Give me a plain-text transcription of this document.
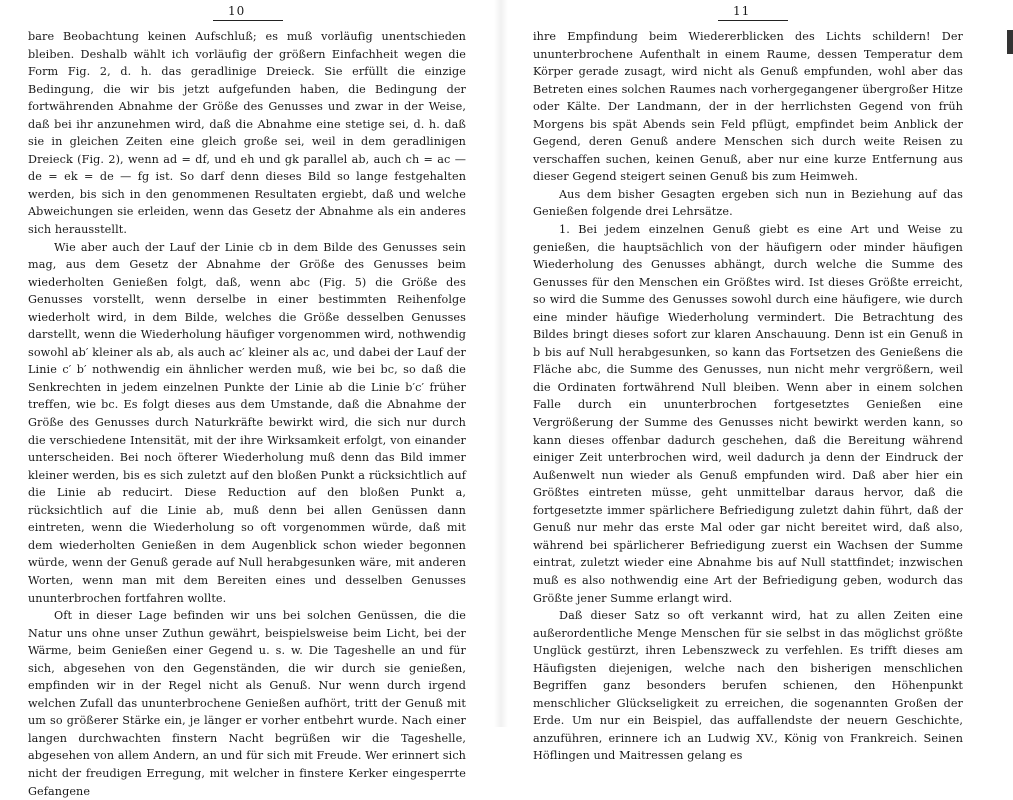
10

bare Beobachtung keinen Aufschluß; es muß vorläufig unentschieden bleiben. Deshalb wählt ich vorläufig der größern Einfachheit wegen die Form Fig. 2, d. h. das geradlinige Dreieck. Sie erfüllt die einzige Bedingung, die wir bis jetzt aufgefunden haben, die Bedingung der fortwährenden Abnahme der Größe des Genusses und zwar in der Weise, daß bei ihr anzunehmen wird, daß die Abnahme eine stetige sei, d. h. daß sie in gleichen Zeiten eine gleich große sei, weil in dem geradlinigen Dreieck (Fig. 2), wenn ad = df, und eh und gk parallel ab, auch ch = ac — de = ek = de — fg ist. So darf denn dieses Bild so lange festgehalten werden, bis sich in den genommenen Resultaten ergiebt, daß und welche Abweichungen sie erleiden, wenn das Gesetz der Abnahme als ein anderes sich herausstellt.

Wie aber auch der Lauf der Linie cb in dem Bilde des Genusses sein mag, aus dem Gesetz der Abnahme der Größe des Genusses beim wiederholten Genießen folgt, daß, wenn abc (Fig. 5) die Größe des Genusses vorstellt, wenn derselbe in einer bestimmten Reihenfolge wiederholt wird, in dem Bilde, welches die Größe desselben Genusses darstellt, wenn die Wiederholung häufiger vorgenommen wird, nothwendig sowohl ab′ kleiner als ab, als auch ac′ kleiner als ac, und dabei der Lauf der Linie c′ b′ nothwendig ein ähnlicher werden muß, wie bei bc, so daß die Senkrechten in jedem einzelnen Punkte der Linie ab die Linie b′c′ früher treffen, wie bc. Es folgt dieses aus dem Umstande, daß die Abnahme der Größe des Genusses durch Naturkräfte bewirkt wird, die sich nur durch die verschiedene Intensität, mit der ihre Wirksamkeit erfolgt, von einander unterscheiden. Bei noch öfterer Wiederholung muß denn das Bild immer kleiner werden, bis es sich zuletzt auf den bloßen Punkt a rücksichtlich auf die Linie ab reducirt. Diese Reduction auf den bloßen Punkt a, rücksichtlich auf die Linie ab, muß denn bei allen Genüssen dann eintreten, wenn die Wiederholung so oft vorgenommen würde, daß mit dem wiederholten Genießen in dem Augenblick schon wieder begonnen würde, wenn der Genuß gerade auf Null herabgesunken wäre, mit anderen Worten, wenn man mit dem Bereiten eines und desselben Genusses ununterbrochen fortfahren wollte.

Oft in dieser Lage befinden wir uns bei solchen Genüssen, die die Natur uns ohne unser Zuthun gewährt, beispielsweise beim Licht, bei der Wärme, beim Genießen einer Gegend u. s. w. Die Tageshelle an und für sich, abgesehen von den Gegenständen, die wir durch sie genießen, empfinden wir in der Regel nicht als Genuß. Nur wenn durch irgend welchen Zufall das ununterbrochene Genießen aufhört, tritt der Genuß mit um so größerer Stärke ein, je länger er vorher entbehrt wurde. Nach einer langen durchwachten finstern Nacht begrüßen wir die Tageshelle, abgesehen von allem Andern, an und für sich mit Freude. Wer erinnert sich nicht der freudigen Erregung, mit welcher in finstere Kerker eingesperrte Gefangene

11

ihre Empfindung beim Wiedererblicken des Lichts schildern! Der ununterbrochene Aufenthalt in einem Raume, dessen Temperatur dem Körper gerade zusagt, wird nicht als Genuß empfunden, wohl aber das Betreten eines solchen Raumes nach vorhergegangener übergroßer Hitze oder Kälte. Der Landmann, der in der herrlichsten Gegend von früh Morgens bis spät Abends sein Feld pflügt, empfindet beim Anblick der Gegend, deren Genuß andere Menschen sich durch weite Reisen zu verschaffen suchen, keinen Genuß, aber nur eine kurze Entfernung aus dieser Gegend steigert seinen Genuß bis zum Heimweh.

Aus dem bisher Gesagten ergeben sich nun in Beziehung auf das Genießen folgende drei Lehrsätze.

1. Bei jedem einzelnen Genuß giebt es eine Art und Weise zu genießen, die hauptsächlich von der häufigern oder minder häufigen Wiederholung des Genusses abhängt, durch welche die Summe des Genusses für den Menschen ein Größtes wird. Ist dieses Größte erreicht, so wird die Summe des Genusses sowohl durch eine häufigere, wie durch eine minder häufige Wiederholung vermindert. Die Betrachtung des Bildes bringt dieses sofort zur klaren Anschauung. Denn ist ein Genuß in b bis auf Null herabgesunken, so kann das Fortsetzen des Genießens die Fläche abc, die Summe des Genusses, nun nicht mehr vergrößern, weil die Ordinaten fortwährend Null bleiben. Wenn aber in einem solchen Falle durch ein ununterbrochen fortgesetztes Genießen eine Vergrößerung der Summe des Genusses nicht bewirkt werden kann, so kann dieses offenbar dadurch geschehen, daß die Bereitung während einiger Zeit unterbrochen wird, weil dadurch ja denn der Eindruck der Außenwelt nun wieder als Genuß empfunden wird. Daß aber hier ein Größtes eintreten müsse, geht unmittelbar daraus hervor, daß die fortgesetzte immer spärlichere Befriedigung zuletzt dahin führt, daß der Genuß nur mehr das erste Mal oder gar nicht bereitet wird, daß also, während bei spärlicherer Befriedigung zuerst ein Wachsen der Summe eintrat, zuletzt wieder eine Abnahme bis auf Null stattfindet; inzwischen muß es also nothwendig eine Art der Befriedigung geben, wodurch das Größte jener Summe erlangt wird.

Daß dieser Satz so oft verkannt wird, hat zu allen Zeiten eine außerordentliche Menge Menschen für sie selbst in das möglichst größte Unglück gestürzt, ihren Lebenszweck zu verfehlen. Es trifft dieses am Häufigsten diejenigen, welche nach den bisherigen menschlichen Begriffen ganz besonders berufen schienen, den Höhenpunkt menschlicher Glückseligkeit zu erreichen, die sogenannten Großen der Erde. Um nur ein Beispiel, das auffallendste der neuern Geschichte, anzuführen, erinnere ich an Ludwig XV., König von Frankreich. Seinen Höflingen und Maitressen gelang es
